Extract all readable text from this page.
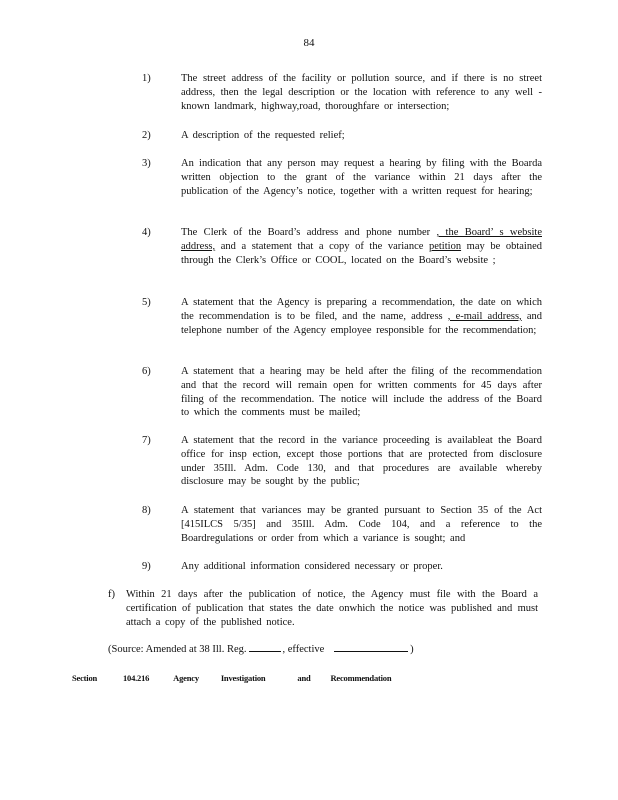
84
1)	The street address of the facility or pollution source, and if there is no street address, then the legal description or the location with reference to any well -known landmark, highway,road, thoroughfare or intersection;
2)	A description of the requested relief;
3)	An indication that any person may request a hearing by filing with the Boarda written objection to the grant of the variance within 21 days after the publication of the Agency’s notice, together with a written request for hearing;
4)	The Clerk of the Board’s address and phone number , the Board’ s website address, and a statement that a copy of the variance petition may be obtained through the Clerk’s Office or COOL, located on the Board’s website ;
5)	A statement that the Agency is preparing a recommendation, the date on which the recommendation is to be filed, and the name, address , e-mail address, and telephone number of the Agency employee responsible for the recommendation;
6)	A statement that a hearing may be held after the filing of the recommendation and that the record will remain open for written comments for 45 days after filing of the recommendation. The notice will include the address of the Board to which the comments must be mailed;
7)	A statement that the record in the variance proceeding is availableat the Board office for insp ection, except those portions that are protected from disclosure under 35Ill. Adm. Code 130, and that procedures are available whereby disclosure may be sought by the public;
8)	A statement that variances may be granted pursuant to Section 35 of the Act [415ILCS 5/35] and 35Ill. Adm. Code 104, and a reference to the Boardregulations or order from which a variance is sought; and
9)	Any additional information considered necessary or proper.
f) Within 21 days after the publication of notice, the Agency must file with the Board a certification of publication that states the date onwhich the notice was published and must attach a copy of the published notice.
(Source: Amended at 38 Ill. Reg.	, effective	)
Section	104.216	Agency	Investigation	and Recommendation
